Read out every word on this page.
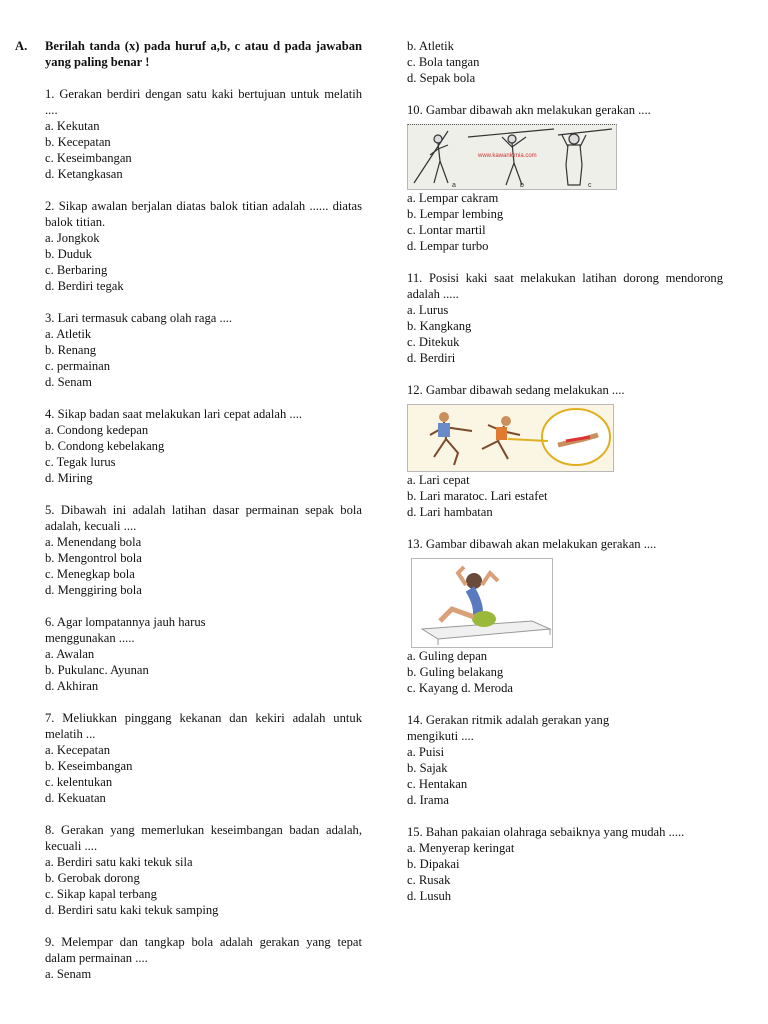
A.	Berilah tanda (x) pada huruf a,b, c atau d pada jawaban yang paling benar !
1. Gerakan berdiri dengan satu kaki bertujuan untuk melatih ....
a. Kekutan
b. Kecepatan
c. Keseimbangan
d. Ketangkasan
2. Sikap awalan berjalan diatas balok titian adalah ...... diatas balok titian.
a. Jongkok
b. Duduk
c. Berbaring
d. Berdiri tegak
3. Lari termasuk cabang olah raga ....
a. Atletik
b. Renang
c. permainan
d. Senam
4. Sikap badan saat melakukan lari cepat adalah ....
a. Condong kedepan
b. Condong kebelakang
c. Tegak lurus
d. Miring
5. Dibawah ini adalah latihan dasar permainan sepak bola adalah, kecuali ....
a. Menendang bola
b. Mengontrol bola
c. Menegkap bola
d. Menggiring bola
6. Agar lompatannya jauh harus menggunakan .....
a. Awalan
b. Pukulanc. Ayunan
d. Akhiran
7. Meliukkan pinggang kekanan dan kekiri adalah untuk melatih ...
a. Kecepatan
b. Keseimbangan
c. kelentukan
d. Kekuatan
8. Gerakan yang memerlukan keseimbangan badan adalah, kecuali ....
a. Berdiri satu kaki tekuk sila
b. Gerobak dorong
c. Sikap kapal terbang
d. Berdiri satu kaki tekuk samping
9. Melempar dan tangkap bola adalah gerakan yang tepat dalam permainan ....
a. Senam
b. Atletik
c. Bola tangan
d. Sepak bola
10. Gambar dibawah akn melakukan gerakan ....
www.kawankimia.com
a	b	c
a. Lempar cakram
b. Lempar lembing
c. Lontar martil
d. Lempar turbo
11. Posisi kaki saat melakukan latihan dorong mendorong adalah .....
a. Lurus
b. Kangkang
c. Ditekuk
d. Berdiri
12. Gambar dibawah sedang melakukan ....
a. Lari cepat
b. Lari maratoc. Lari estafet
d. Lari hambatan
13. Gambar dibawah akan melakukan gerakan ....
a. Guling depan
b. Guling belakang
c. Kayang d. Meroda
14. Gerakan ritmik adalah gerakan yang mengikuti ....
a. Puisi
b. Sajak
c. Hentakan
d. Irama
15. Bahan pakaian olahraga sebaiknya yang mudah .....
a. Menyerap keringat
b. Dipakai
c. Rusak
d. Lusuh
